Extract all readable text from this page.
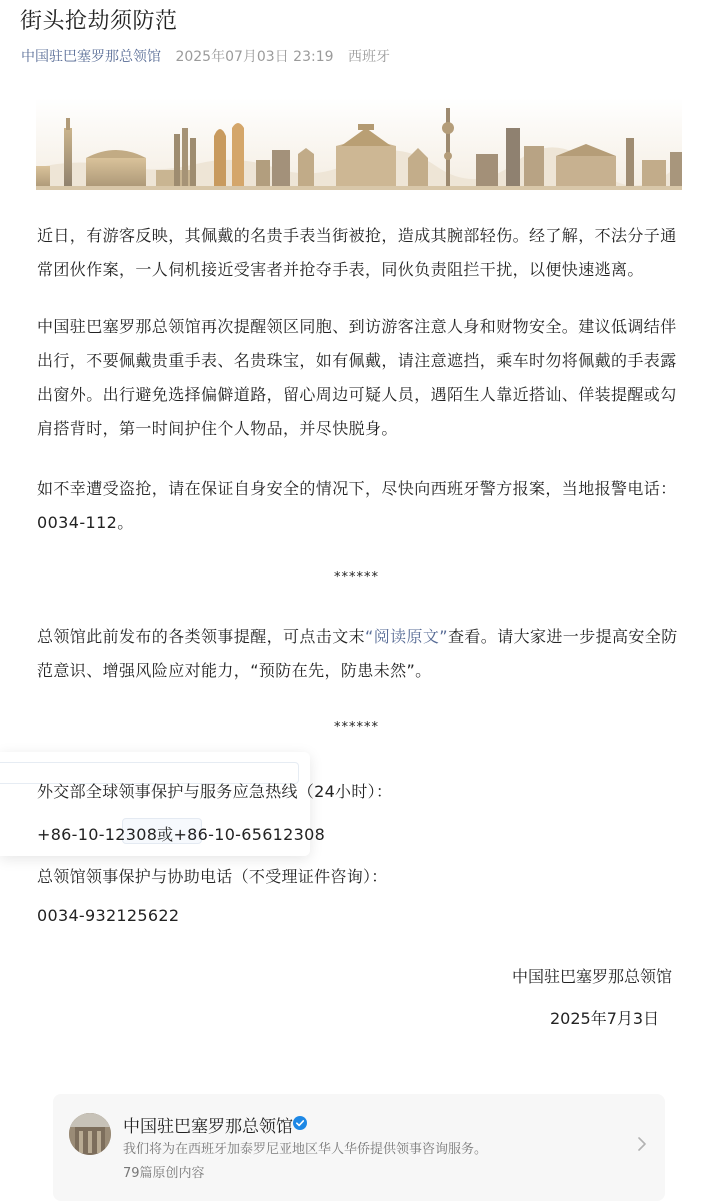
街头抢劫须防范
中国驻巴塞罗那总领馆 2025年07月03日 23:19 西班牙

近日，有游客反映，其佩戴的名贵手表当街被抢，造成其腕部轻伤。经了解，不法分子通常团伙作案，一人伺机接近受害者并抢夺手表，同伙负责阻拦干扰，以便快速逃离。

中国驻巴塞罗那总领馆再次提醒领区同胞、到访游客注意人身和财物安全。建议低调结伴出行，不要佩戴贵重手表、名贵珠宝，如有佩戴，请注意遮挡，乘车时勿将佩戴的手表露出窗外。出行避免选择偏僻道路，留心周边可疑人员，遇陌生人靠近搭讪、佯装提醒或勾肩搭背时，第一时间护住个人物品，并尽快脱身。

如不幸遭受盗抢，请在保证自身安全的情况下，尽快向西班牙警方报案，当地报警电话：0034-112。

******

总领馆此前发布的各类领事提醒，可点击文末“阅读原文”查看。请大家进一步提高安全防范意识、增强风险应对能力，“预防在先，防患未然”。

******
外交部全球领事保护与服务应急热线（24小时）：
+86-10-12308或+86-10-65612308
总领馆领事保护与协助电话（不受理证件咨询）：
0034-932125622
中国驻巴塞罗那总领馆
2025年7月3日
中国驻巴塞罗那总领馆
我们将为在西班牙加泰罗尼亚地区华人华侨提供领事咨询服务。
79篇原创内容
